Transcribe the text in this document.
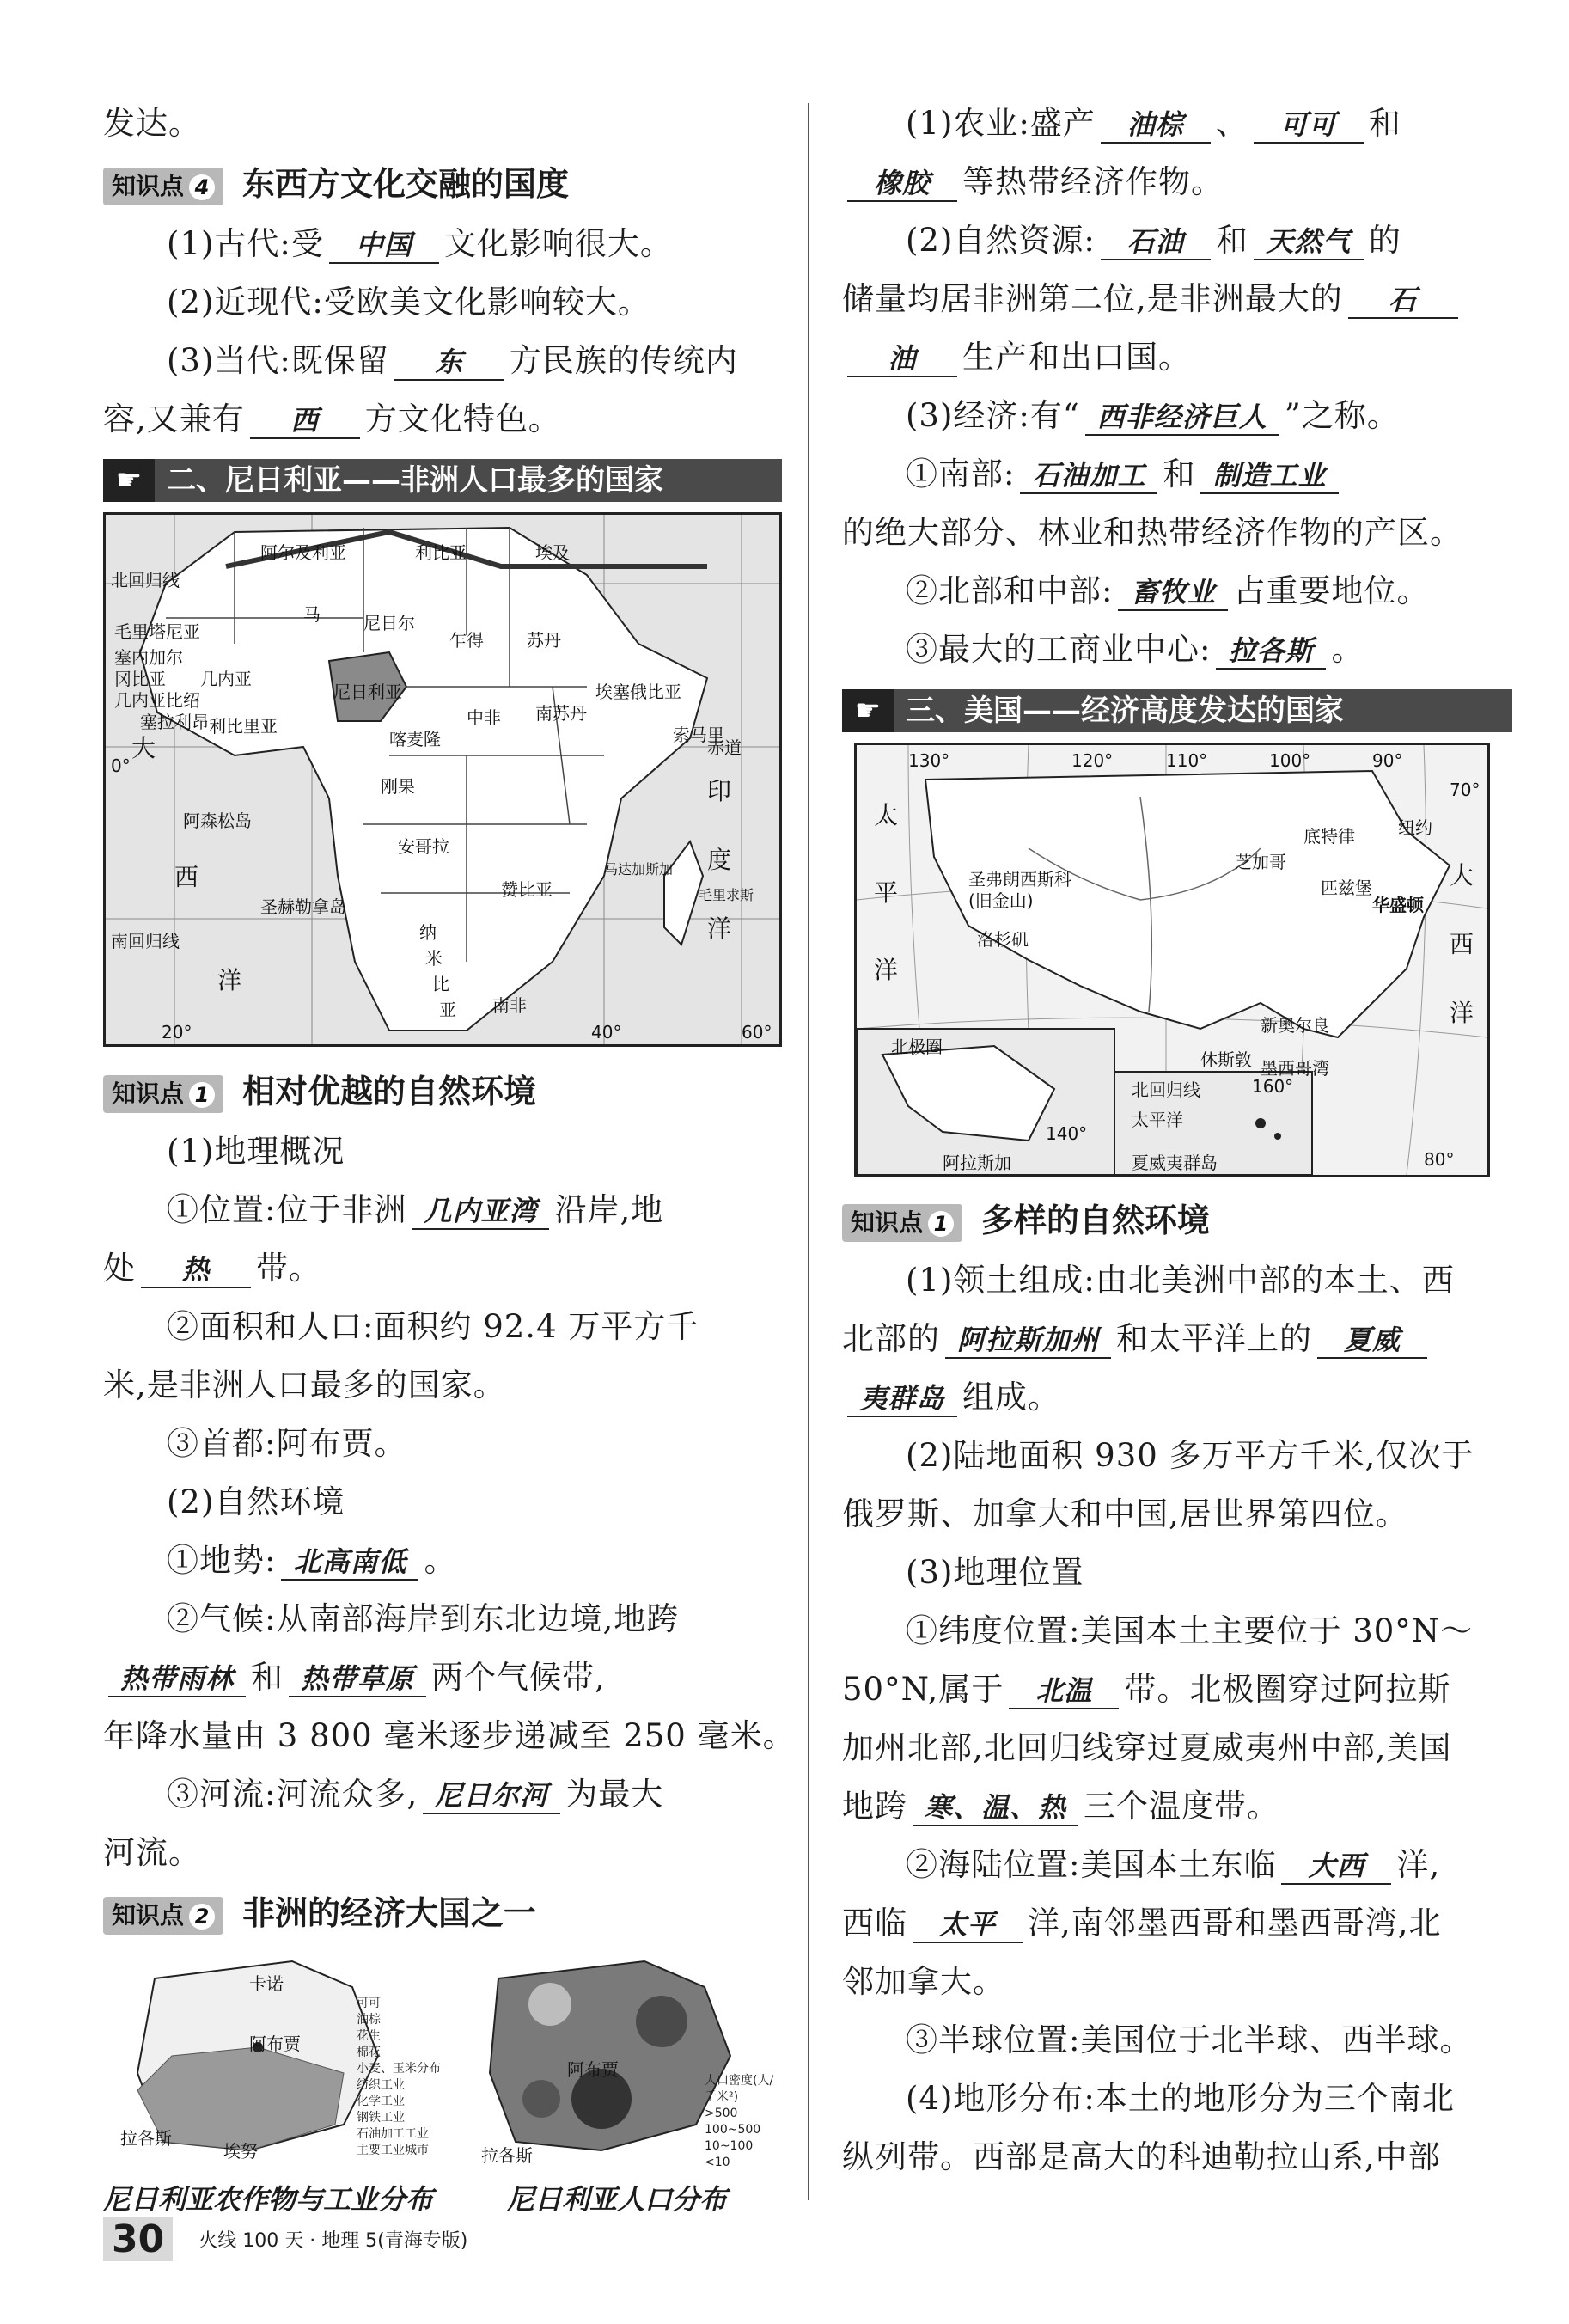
发达。
知识点 4 东西方文化交融的国度
(1)古代:受 中国 文化影响很大。
(2)近现代:受欧美文化影响较大。
(3)当代:既保留 东 方民族的传统内
容,又兼有 西 方文化特色。
☛ 二、尼日利亚——非洲人口最多的国家
北回归线
阿尔及利亚	利比亚	埃及
马	尼日尔
乍得	苏丹
毛里塔尼亚
塞内加尔
冈比亚
几内亚比绍
几内亚
塞拉利昂 利比里亚
尼日利亚
喀麦隆
中非 南苏丹
埃塞俄比亚
索马里
大
西
洋
赤道
0°
阿森松岛
圣赫勒拿岛
刚果
安哥拉
赞比亚
纳
米
比
亚 南非
南回归线
印
度
洋
毛里求斯
马达加斯加
20°	40°	60°
知识点 1 相对优越的自然环境
(1)地理概况
①位置:位于非洲 几内亚湾 沿岸,地
处 热 带。
②面积和人口:面积约 92.4 万平方千
米,是非洲人口最多的国家。
③首都:阿布贾。
(2)自然环境
①地势: 北高南低 。
②气候:从南部海岸到东北边境,地跨
热带雨林 和 热带草原 两个气候带,
年降水量由 3 800 毫米逐步递减至 250 毫米。
③河流:河流众多, 尼日尔河 为最大
河流。
知识点 2 非洲的经济大国之一
卡诺
阿布贾
拉各斯
埃努
可可
油棕
花生
棉花
小麦、玉米分布
纺织工业
化学工业
钢铁工业
石油加工工业
主要工业城市
阿布贾
拉各斯
人口密度(人/千米²)
>500
100~500
10~100
<10
尼日利亚农作物与工业分布	尼日利亚人口分布
(1)农业:盛产 油棕 、 可可 和
橡胶 等热带经济作物。
(2)自然资源: 石油 和 天然气 的
储量均居非洲第二位,是非洲最大的 石
油 生产和出口国。
(3)经济:有“ 西非经济巨人 ”之称。
①南部: 石油加工 和 制造工业
的绝大部分、林业和热带经济作物的产区。
②北部和中部: 畜牧业 占重要地位。
③最大的工商业中心: 拉各斯 。
☛ 三、美国——经济高度发达的国家
130°	120°	110°	100°	90°
80°
70°
太
平
洋
大
西
洋
芝加哥
底特律	纽约
匹兹堡
华盛顿
圣弗朗西斯科
(旧金山)
洛杉矶
休斯敦
新奥尔良
墨西哥湾
北极圈
阿拉斯加
北回归线
太平洋
夏威夷群岛
160°
140°
知识点 1 多样的自然环境
(1)领土组成:由北美洲中部的本土、西
北部的 阿拉斯加州 和太平洋上的 夏威
夷群岛 组成。
(2)陆地面积 930 多万平方千米,仅次于
俄罗斯、加拿大和中国,居世界第四位。
(3)地理位置
①纬度位置:美国本土主要位于 30°N～
50°N,属于 北温 带。北极圈穿过阿拉斯
加州北部,北回归线穿过夏威夷州中部,美国
地跨 寒、温、热 三个温度带。
②海陆位置:美国本土东临 大西 洋,
西临 太平 洋,南邻墨西哥和墨西哥湾,北
邻加拿大。
③半球位置:美国位于北半球、西半球。
(4)地形分布:本土的地形分为三个南北
纵列带。西部是高大的科迪勒拉山系,中部
30 火线 100 天 · 地理 5(青海专版)
